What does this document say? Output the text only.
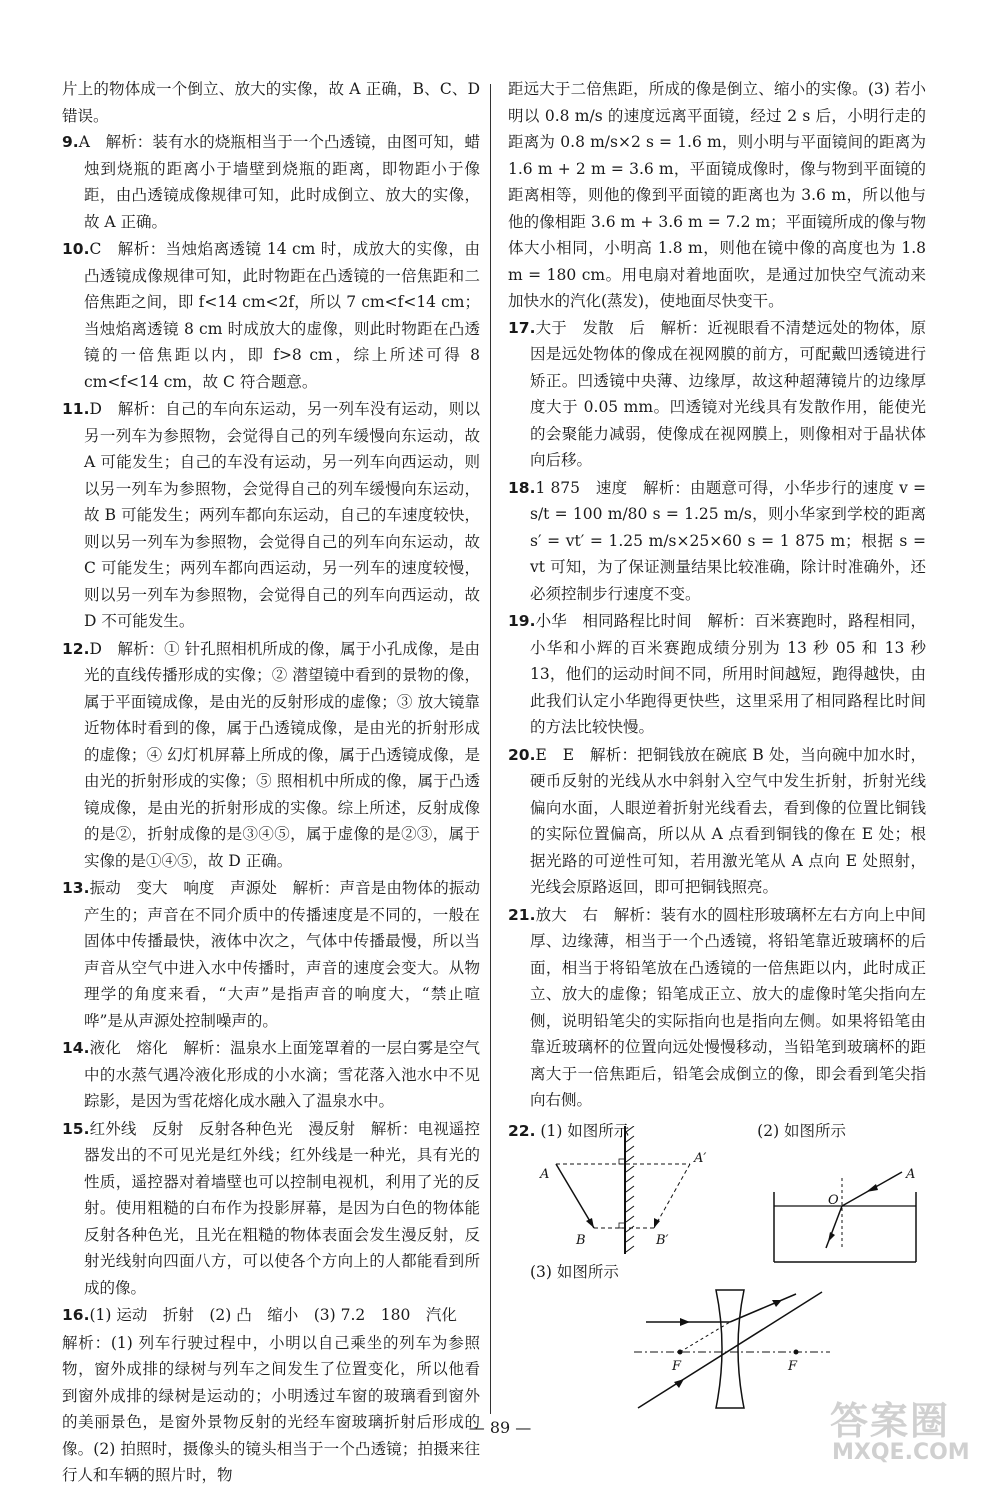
片上的物体成一个倒立、放大的实像，故 A 正确，B、C、D 错误。

9.A　解析：装有水的烧瓶相当于一个凸透镜，由图可知，蜡烛到烧瓶的距离小于墙壁到烧瓶的距离，即物距小于像距，由凸透镜成像规律可知，此时成倒立、放大的实像，故 A 正确。

10.C　解析：当烛焰离透镜 14 cm 时，成放大的实像，由凸透镜成像规律可知，此时物距在凸透镜的一倍焦距和二倍焦距之间，即 f<14 cm<2f，所以 7 cm<f<14 cm；当烛焰离透镜 8 cm 时成放大的虚像，则此时物距在凸透镜的一倍焦距以内，即 f>8 cm，综上所述可得 8 cm<f<14 cm，故 C 符合题意。

11.D　解析：自己的车向东运动，另一列车没有运动，则以另一列车为参照物，会觉得自己的列车缓慢向东运动，故 A 可能发生；自己的车没有运动，另一列车向西运动，则以另一列车为参照物，会觉得自己的列车缓慢向东运动，故 B 可能发生；两列车都向东运动，自己的车速度较快，则以另一列车为参照物，会觉得自己的列车向东运动，故 C 可能发生；两列车都向西运动，另一列车的速度较慢，则以另一列车为参照物，会觉得自己的列车向西运动，故 D 不可能发生。

12.D　解析：① 针孔照相机所成的像，属于小孔成像，是由光的直线传播形成的实像；② 潜望镜中看到的景物的像，属于平面镜成像，是由光的反射形成的虚像；③ 放大镜靠近物体时看到的像，属于凸透镜成像，是由光的折射形成的虚像；④ 幻灯机屏幕上所成的像，属于凸透镜成像，是由光的折射形成的实像；⑤ 照相机中所成的像，属于凸透镜成像，是由光的折射形成的实像。综上所述，反射成像的是②，折射成像的是③④⑤，属于虚像的是②③，属于实像的是①④⑤，故 D 正确。

13.振动　变大　响度　声源处　解析：声音是由物体的振动产生的；声音在不同介质中的传播速度是不同的，一般在固体中传播最快，液体中次之，气体中传播最慢，所以当声音从空气中进入水中传播时，声音的速度会变大。从物理学的角度来看，“大声”是指声音的响度大，“禁止喧哗”是从声源处控制噪声的。

14.液化　熔化　解析：温泉水上面笼罩着的一层白雾是空气中的水蒸气遇冷液化形成的小水滴；雪花落入池水中不见踪影，是因为雪花熔化成水融入了温泉水中。

15.红外线　反射　反射各种色光　漫反射　解析：电视遥控器发出的不可见光是红外线；红外线是一种光，具有光的性质，遥控器对着墙壁也可以控制电视机，利用了光的反射。使用粗糙的白布作为投影屏幕，是因为白色的物体能反射各种色光，且光在粗糙的物体表面会发生漫反射，反射光线射向四面八方，可以使各个方向上的人都能看到所成的像。

16.(1) 运动　折射　(2) 凸　缩小　(3) 7.2　180　汽化

解析：(1) 列车行驶过程中，小明以自己乘坐的列车为参照物，窗外成排的绿树与列车之间发生了位置变化，所以他看到窗外成排的绿树是运动的；小明透过车窗的玻璃看到窗外的美丽景色，是窗外景物反射的光经车窗玻璃折射后形成的像。(2) 拍照时，摄像头的镜头相当于一个凸透镜；拍摄来往行人和车辆的照片时，物

距远大于二倍焦距，所成的像是倒立、缩小的实像。(3) 若小明以 0.8 m/s 的速度远离平面镜，经过 2 s 后，小明行走的距离为 0.8 m/s×2 s = 1.6 m，则小明与平面镜间的距离为 1.6 m + 2 m = 3.6 m，平面镜成像时，像与物到平面镜的距离相等，则他的像到平面镜的距离也为 3.6 m，所以他与他的像相距 3.6 m + 3.6 m = 7.2 m；平面镜所成的像与物体大小相同，小明高 1.8 m，则他在镜中像的高度也为 1.8 m = 180 cm。用电扇对着地面吹，是通过加快空气流动来加快水的汽化(蒸发)，使地面尽快变干。

17.大于　发散　后　解析：近视眼看不清楚远处的物体，原因是远处物体的像成在视网膜的前方，可配戴凹透镜进行矫正。凹透镜中央薄、边缘厚，故这种超薄镜片的边缘厚度大于 0.05 mm。凹透镜对光线具有发散作用，能使光的会聚能力减弱，使像成在视网膜上，则像相对于晶状体向后移。

18.1 875　速度　解析：由题意可得，小华步行的速度 v = s/t = 100 m/80 s = 1.25 m/s，则小华家到学校的距离 s′ = vt′ = 1.25 m/s×25×60 s = 1 875 m；根据 s = vt 可知，为了保证测量结果比较准确，除计时准确外，还必须控制步行速度不变。

19.小华　相同路程比时间　解析：百米赛跑时，路程相同，小华和小辉的百米赛跑成绩分别为 13 秒 05 和 13 秒 13，他们的运动时间不同，所用时间越短，跑得越快，由此我们认定小华跑得更快些，这里采用了相同路程比时间的方法比较快慢。

20.E　E　解析：把铜钱放在碗底 B 处，当向碗中加水时，硬币反射的光线从水中斜射入空气中发生折射，折射光线偏向水面，人眼逆着折射光线看去，看到像的位置比铜钱的实际位置偏高，所以从 A 点看到铜钱的像在 E 处；根据光路的可逆性可知，若用激光笔从 A 点向 E 处照射，光线会原路返回，即可把铜钱照亮。

21.放大　右　解析：装有水的圆柱形玻璃杯左右方向上中间厚、边缘薄，相当于一个凸透镜，将铅笔靠近玻璃杯的后面，相当于将铅笔放在凸透镜的一倍焦距以内，此时成正立、放大的虚像；铅笔成正立、放大的虚像时笔尖指向左侧，说明铅笔尖的实际指向也是指向左侧。如果将铅笔由靠近玻璃杯的位置向远处慢慢移动，当铅笔到玻璃杯的距离大于一倍焦距后，铅笔会成倒立的像，即会看到笔尖指向右侧。

22. (1) 如图所示	(2) 如图所示

A
A′
B	B′
A
O
(3) 如图所示
F	F
— 89 —	答案圈
MXQE.COM
